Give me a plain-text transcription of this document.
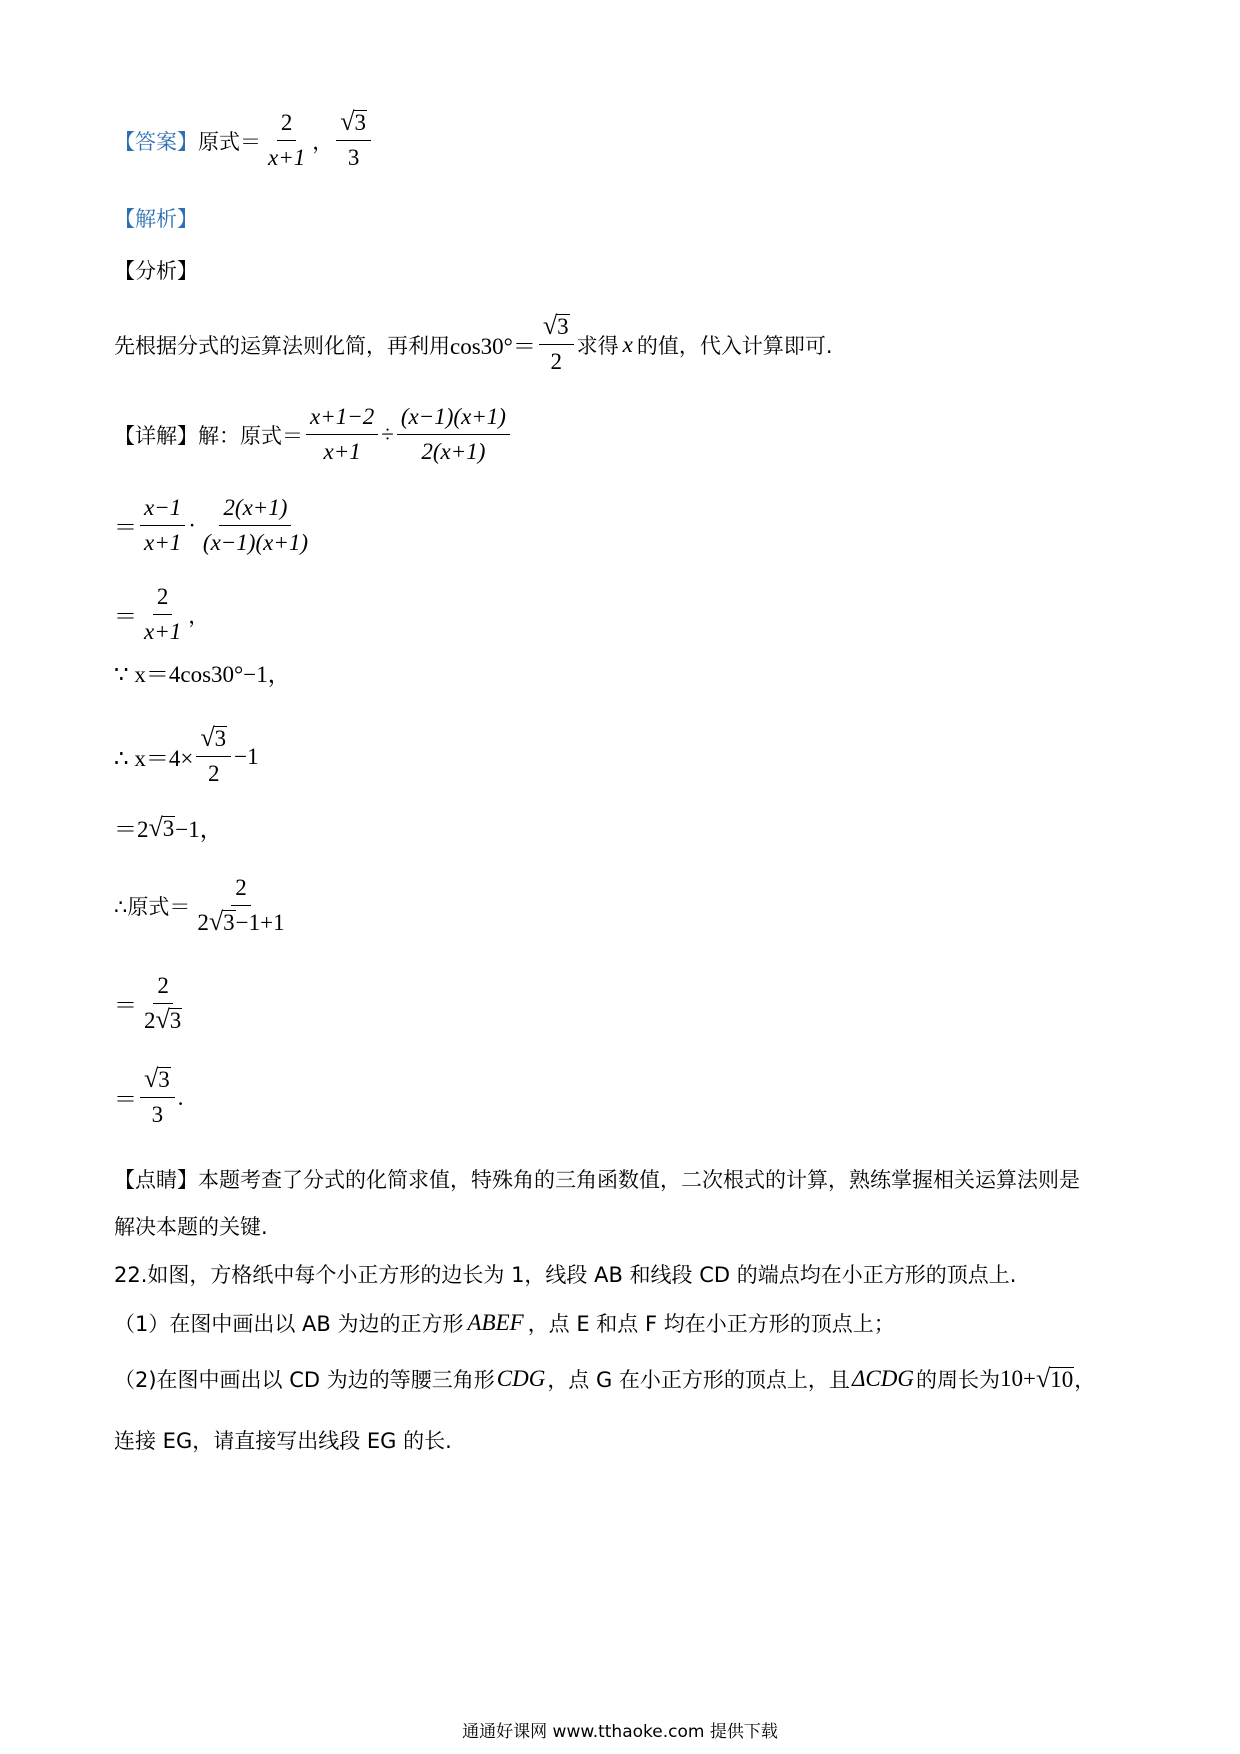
【答案】 原式＝ $\frac{2}{x+1}$ ， $\frac{√ 3}{3}$
【解析】
【分析】
先根据分式的运算法则化简，再利用 $\cos 30^\circ= \frac{√ 3}{2}$ 求得 x 的值，代入计算即可.
【详解】 解：原式＝ $\frac{x+1-2}{x+1} \div \frac{(x-1)(x+1)}{2(x+1)}$
＝ $\frac{x-1}{x+1} \cdot \frac{2(x+1)}{(x-1)(x+1)}$
＝ $\frac{2}{x+1}$ ，
∵ x＝4cos30°−1，
∴ $x=4\times \frac{√ 3}{2} -1$
＝2 √ 3 −1，
∴原式＝ $\frac{2}{2 √ 3 -1+1}$
＝ $\frac{2}{2 √ 3}$
＝ $\frac{√ 3}{3}$ .
【点睛】 本题考查了分式的化简求值，特殊角的三角函数值，二次根式的计算，熟练掌握相关运算法则是
解决本题的关键.
22.如图，方格纸中每个小正方形的边长为 1，线段 AB 和线段 CD 的端点均在小正方形的顶点上.
（1）在图中画出以 AB 为边的正方形 ABEF ，点 E 和点 F 均在小正方形的顶点上；
（2)在图中画出以 CD 为边的等腰三角形 CDG ，点 G 在小正方形的顶点上，且 ΔCDG 的周长为 10+ √ 10 ，
连接 EG，请直接写出线段 EG 的长.
通通好课网 www.tthaoke.com 提供下载
